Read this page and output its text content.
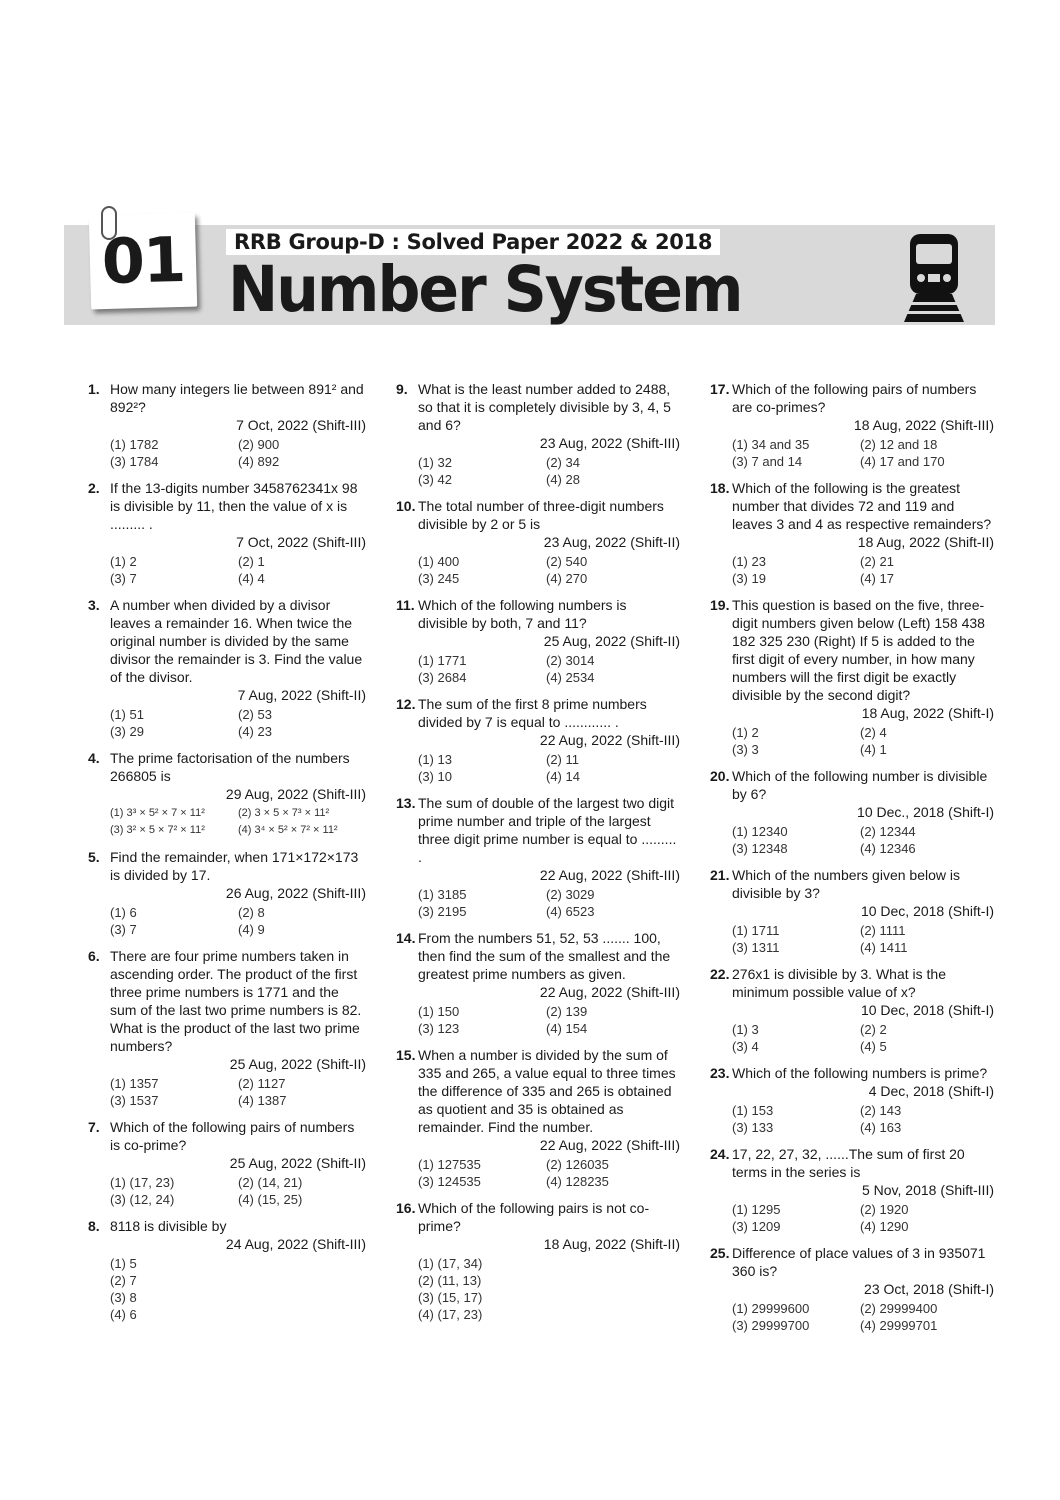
01	RRB Group-D : Solved Paper 2022 & 2018
Number System
1. How many integers lie between 891² and 892²?
7 Oct, 2022 (Shift-III)
(1) 1782	(2) 900
(3) 1784	(4) 892
2. If the 13-digits number 3458762341x 98 is divisible by 11, then the value of x is ......... .
7 Oct, 2022 (Shift-III)
(1) 2	(2) 1
(3) 7	(4) 4
3. A number when divided by a divisor leaves a remainder 16. When twice the original number is divided by the same divisor the remainder is 3. Find the value of the divisor.
7 Aug, 2022 (Shift-II)
(1) 51	(2) 53
(3) 29	(4) 23
4. The prime factorisation of the numbers 266805 is
29 Aug, 2022 (Shift-III)
(1) 3³ × 5² × 7 × 11²	(2) 3 × 5 × 7³ × 11²
(3) 3² × 5 × 7² × 11²	(4) 3⁴ × 5² × 7² × 11²
5. Find the remainder, when 171×172×173 is divided by 17.
26 Aug, 2022 (Shift-III)
(1) 6	(2) 8
(3) 7	(4) 9
6. There are four prime numbers taken in ascending order. The product of the first three prime numbers is 1771 and the sum of the last two prime numbers is 82. What is the product of the last two prime numbers?
25 Aug, 2022 (Shift-II)
(1) 1357	(2) 1127
(3) 1537	(4) 1387
7. Which of the following pairs of numbers is co-prime?
25 Aug, 2022 (Shift-II)
(1) (17, 23)	(2) (14, 21)
(3) (12, 24)	(4) (15, 25)
8. 8118 is divisible by
24 Aug, 2022 (Shift-III)
(1) 5
(2) 7
(3) 8
(4) 6
9. What is the least number added to 2488, so that it is completely divisible by 3, 4, 5 and 6?
23 Aug, 2022 (Shift-III)
(1) 32	(2) 34
(3) 42	(4) 28
10. The total number of three-digit numbers divisible by 2 or 5 is
23 Aug, 2022 (Shift-II)
(1) 400	(2) 540
(3) 245	(4) 270
11. Which of the following numbers is divisible by both, 7 and 11?
25 Aug, 2022 (Shift-II)
(1) 1771	(2) 3014
(3) 2684	(4) 2534
12. The sum of the first 8 prime numbers divided by 7 is equal to ............ .
22 Aug, 2022 (Shift-III)
(1) 13	(2) 11
(3) 10	(4) 14
13. The sum of double of the largest two digit prime number and triple of the largest three digit prime number is equal to ......... .
22 Aug, 2022 (Shift-III)
(1) 3185	(2) 3029
(3) 2195	(4) 6523
14. From the numbers 51, 52, 53 ....... 100, then find the sum of the smallest and the greatest prime numbers as given.
22 Aug, 2022 (Shift-III)
(1) 150	(2) 139
(3) 123	(4) 154
15. When a number is divided by the sum of 335 and 265, a value equal to three times the difference of 335 and 265 is obtained as quotient and 35 is obtained as remainder. Find the number.
22 Aug, 2022 (Shift-III)
(1) 127535	(2) 126035
(3) 124535	(4) 128235
16. Which of the following pairs is not co-prime?
18 Aug, 2022 (Shift-II)
(1) (17, 34)
(2) (11, 13)
(3) (15, 17)
(4) (17, 23)
17. Which of the following pairs of numbers are co-primes?
18 Aug, 2022 (Shift-III)
(1) 34 and 35	(2) 12 and 18
(3) 7 and 14	(4) 17 and 170
18. Which of the following is the greatest number that divides 72 and 119 and leaves 3 and 4 as respective remainders?
18 Aug, 2022 (Shift-II)
(1) 23	(2) 21
(3) 19	(4) 17
19. This question is based on the five, three-digit numbers given below (Left) 158 438 182 325 230 (Right) If 5 is added to the first digit of every number, in how many numbers will the first digit be exactly divisible by the second digit?
18 Aug, 2022 (Shift-I)
(1) 2	(2) 4
(3) 3	(4) 1
20. Which of the following number is divisible by 6?
10 Dec., 2018 (Shift-I)
(1) 12340	(2) 12344
(3) 12348	(4) 12346
21. Which of the numbers given below is divisible by 3?
10 Dec, 2018 (Shift-I)
(1) 1711	(2) 1111
(3) 1311	(4) 1411
22. 276x1 is divisible by 3. What is the minimum possible value of x?
10 Dec, 2018 (Shift-I)
(1) 3	(2) 2
(3) 4	(4) 5
23. Which of the following numbers is prime?
4 Dec, 2018 (Shift-I)
(1) 153	(2) 143
(3) 133	(4) 163
24. 17, 22, 27, 32, ......The sum of first 20 terms in the series is
5 Nov, 2018 (Shift-III)
(1) 1295	(2) 1920
(3) 1209	(4) 1290
25. Difference of place values of 3 in 935071 360 is?
23 Oct, 2018 (Shift-I)
(1) 29999600	(2) 29999400
(3) 29999700	(4) 29999701
